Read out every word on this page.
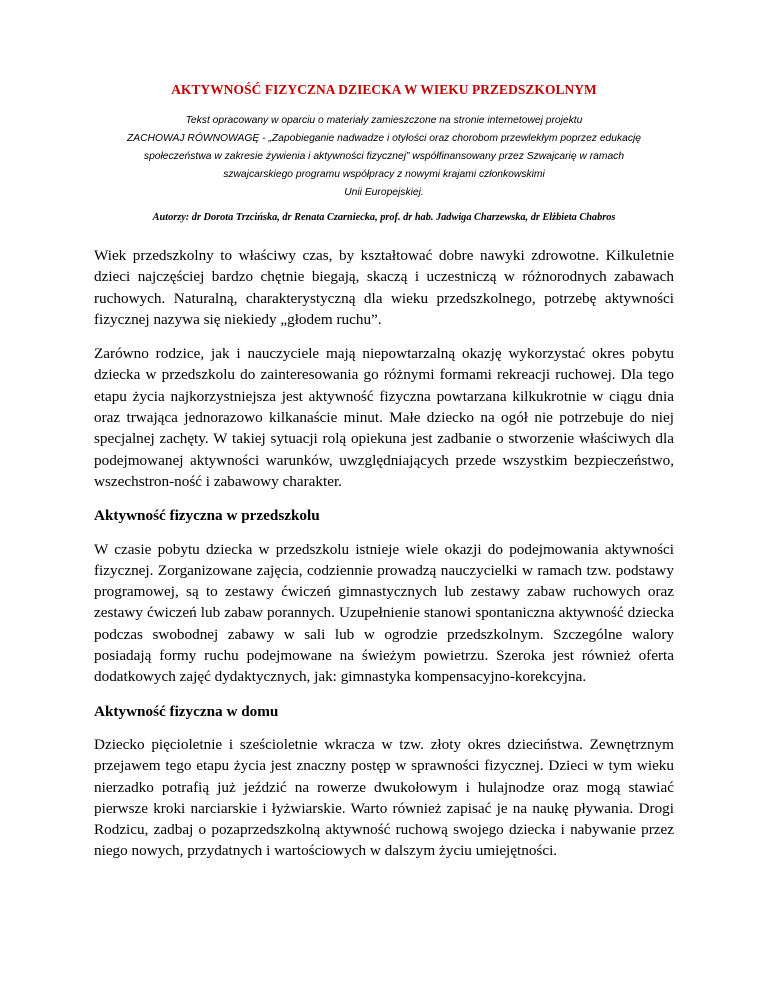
AKTYWNOŚĆ FIZYCZNA DZIECKA W WIEKU PRZEDSZKOLNYM
Tekst opracowany w oparciu o materiały zamieszczone na stronie internetowej projektu
ZACHOWAJ RÓWNOWAGĘ - „Zapobieganie nadwadze i otyłości oraz chorobom przewlekłym poprzez edukację
społeczeństwa w zakresie żywienia i aktywności fizycznej” współfinansowany przez Szwajcarię w ramach
szwajcarskiego programu współpracy z nowymi krajami członkowskimi
Unii Europejskiej.

Autorzy: dr Dorota Trzcińska, dr Renata Czarniecka, prof. dr hab. Jadwiga Charzewska, dr Elżbieta Chabros

Wiek przedszkolny to właściwy czas, by kształtować dobre nawyki zdrowotne. Kilkuletnie dzieci najczęściej bardzo chętnie biegają, skaczą i uczestniczą w różnorodnych zabawach ruchowych. Naturalną, charakterystyczną dla wieku przedszkolnego, potrzebę aktywności fizycznej nazywa się niekiedy „głodem ruchu”.

Zarówno rodzice, jak i nauczyciele mają niepowtarzalną okazję wykorzystać okres pobytu dziecka w przedszkolu do zainteresowania go różnymi formami rekreacji ruchowej. Dla tego etapu życia najkorzystniejsza jest aktywność fizyczna powtarzana kilkukrotnie w ciągu dnia oraz trwająca jednorazowo kilkanaście minut. Małe dziecko na ogół nie potrzebuje do niej specjalnej zachęty. W takiej sytuacji rolą opiekuna jest zadbanie o stworzenie właściwych dla podejmowanej aktywności warunków, uwzględniających przede wszystkim bezpieczeństwo, wszechstron-ność i zabawowy charakter.

Aktywność fizyczna w przedszkolu

W czasie pobytu dziecka w przedszkolu istnieje wiele okazji do podejmowania aktywności fizycznej. Zorganizowane zajęcia, codziennie prowadzą nauczycielki w ramach tzw. podstawy programowej, są to zestawy ćwiczeń gimnastycznych lub zestawy zabaw ruchowych oraz zestawy ćwiczeń lub zabaw porannych. Uzupełnienie stanowi spontaniczna aktywność dziecka podczas swobodnej zabawy w sali lub w ogrodzie przedszkolnym. Szczególne walory posiadają formy ruchu podejmowane na świeżym powietrzu. Szeroka jest również oferta dodatkowych zajęć dydaktycznych, jak: gimnastyka kompensacyjno-korekcyjna.

Aktywność fizyczna w domu

Dziecko pięcioletnie i sześcioletnie wkracza w tzw. złoty okres dzieciństwa. Zewnętrznym przejawem tego etapu życia jest znaczny postęp w sprawności fizycznej. Dzieci w tym wieku nierzadko potrafią już jeździć na rowerze dwukołowym i hulajnodze oraz mogą stawiać pierwsze kroki narciarskie i łyżwiarskie. Warto również zapisać je na naukę pływania. Drogi Rodzicu, zadbaj o pozaprzedszkolną aktywność ruchową swojego dziecka i nabywanie przez niego nowych, przydatnych i wartościowych w dalszym życiu umiejętności.
